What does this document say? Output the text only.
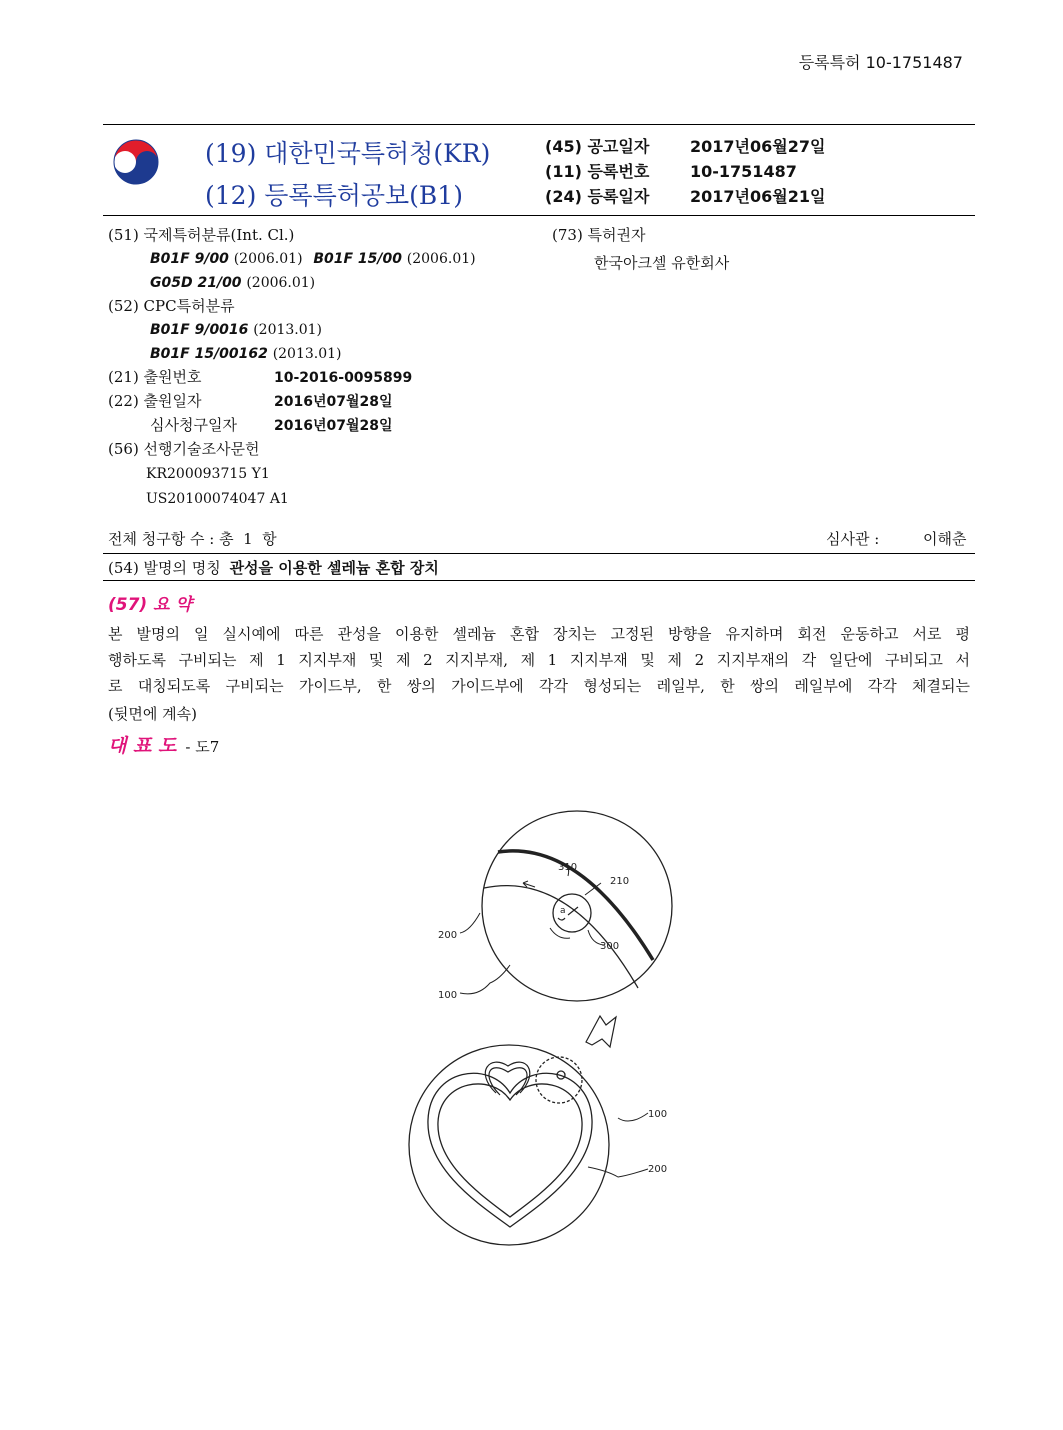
등록특허 10-1751487
(19) 대한민국특허청(KR)
(12) 등록특허공보(B1)
(45) 공고일자	2017년06월27일
(11) 등록번호	10-1751487
(24) 등록일자	2017년06월21일
(51) 국제특허분류(Int. Cl.)
B01F 9/00 (2006.01) B01F 15/00 (2006.01)
G05D 21/00 (2006.01)
(52) CPC특허분류
B01F 9/0016 (2013.01)
B01F 15/00162 (2013.01)
(21) 출원번호	10-2016-0095899
(22) 출원일자	2016년07월28일
심사청구일자	2016년07월28일
(56) 선행기술조사문헌
KR200093715 Y1
US20100074047 A1
(73) 특허권자
한국아크셀 유한회사
전체 청구항 수 : 총  1  항	심사관 :	이해춘
(54) 발명의 명칭 관성을 이용한 셀레늄 혼합 장치
(57) 요 약
본 발명의 일 실시예에 따른 관성을 이용한 셀레늄 혼합 장치는 고정된 방향을 유지하며 회전 운동하고 서로 평
행하도록 구비되는 제 1 지지부재 및 제 2 지지부재, 제 1 지지부재 및 제 2 지지부재의 각 일단에 구비되고 서
로 대칭되도록 구비되는 가이드부, 한 쌍의 가이드부에 각각 형성되는 레일부, 한 쌍의 레일부에 각각 체결되는
(뒷면에 계속)
대 표 도 - 도7
310
210
200
300
100
a
100
200
